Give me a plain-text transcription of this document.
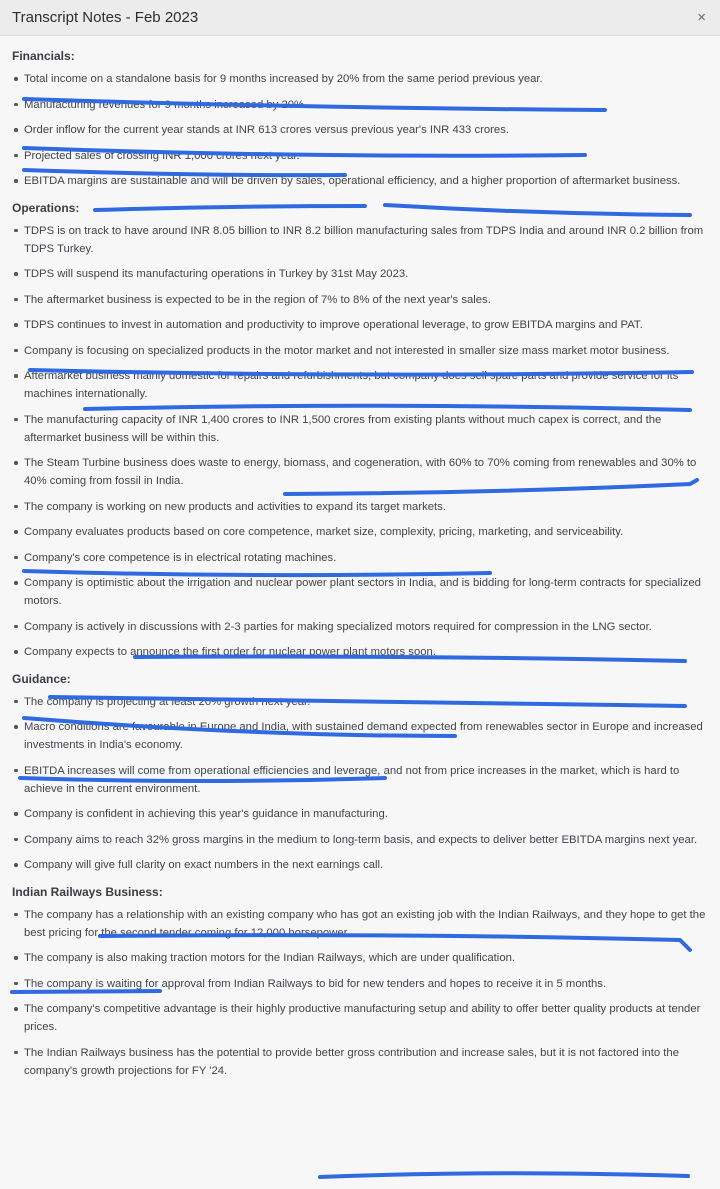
Transcript Notes - Feb 2023	×
Financials:
Total income on a standalone basis for 9 months increased by 20% from the same period previous year.
Manufacturing revenues for 9 months increased by 20%.
Order inflow for the current year stands at INR 613 crores versus previous year's INR 433 crores.
Projected sales of crossing INR 1,000 crores next year.
EBITDA margins are sustainable and will be driven by sales, operational efficiency, and a higher proportion of aftermarket business.
Operations:
TDPS is on track to have around INR 8.05 billion to INR 8.2 billion manufacturing sales from TDPS India and around INR 0.2 billion from TDPS Turkey.
TDPS will suspend its manufacturing operations in Turkey by 31st May 2023.
The aftermarket business is expected to be in the region of 7% to 8% of the next year's sales.
TDPS continues to invest in automation and productivity to improve operational leverage, to grow EBITDA margins and PAT.
Company is focusing on specialized products in the motor market and not interested in smaller size mass market motor business.
Aftermarket business mainly domestic for repairs and refurbishments, but company does sell spare parts and provide service for its machines internationally.
The manufacturing capacity of INR 1,400 crores to INR 1,500 crores from existing plants without much capex is correct, and the aftermarket business will be within this.
The Steam Turbine business does waste to energy, biomass, and cogeneration, with 60% to 70% coming from renewables and 30% to 40% coming from fossil in India.
The company is working on new products and activities to expand its target markets.
Company evaluates products based on core competence, market size, complexity, pricing, marketing, and serviceability.
Company's core competence is in electrical rotating machines.
Company is optimistic about the irrigation and nuclear power plant sectors in India, and is bidding for long-term contracts for specialized motors.
Company is actively in discussions with 2-3 parties for making specialized motors required for compression in the LNG sector.
Company expects to announce the first order for nuclear power plant motors soon.
Guidance:
The company is projecting at least 20% growth next year.
Macro conditions are favourable in Europe and India, with sustained demand expected from renewables sector in Europe and increased investments in India's economy.
EBITDA increases will come from operational efficiencies and leverage, and not from price increases in the market, which is hard to achieve in the current environment.
Company is confident in achieving this year's guidance in manufacturing.
Company aims to reach 32% gross margins in the medium to long-term basis, and expects to deliver better EBITDA margins next year.
Company will give full clarity on exact numbers in the next earnings call.
Indian Railways Business:
The company has a relationship with an existing company who has got an existing job with the Indian Railways, and they hope to get the best pricing for the second tender coming for 12,000 horsepower.
The company is also making traction motors for the Indian Railways, which are under qualification.
The company is waiting for approval from Indian Railways to bid for new tenders and hopes to receive it in 5 months.
The company's competitive advantage is their highly productive manufacturing setup and ability to offer better quality products at tender prices.
The Indian Railways business has the potential to provide better gross contribution and increase sales, but it is not factored into the company's growth projections for FY '24.
